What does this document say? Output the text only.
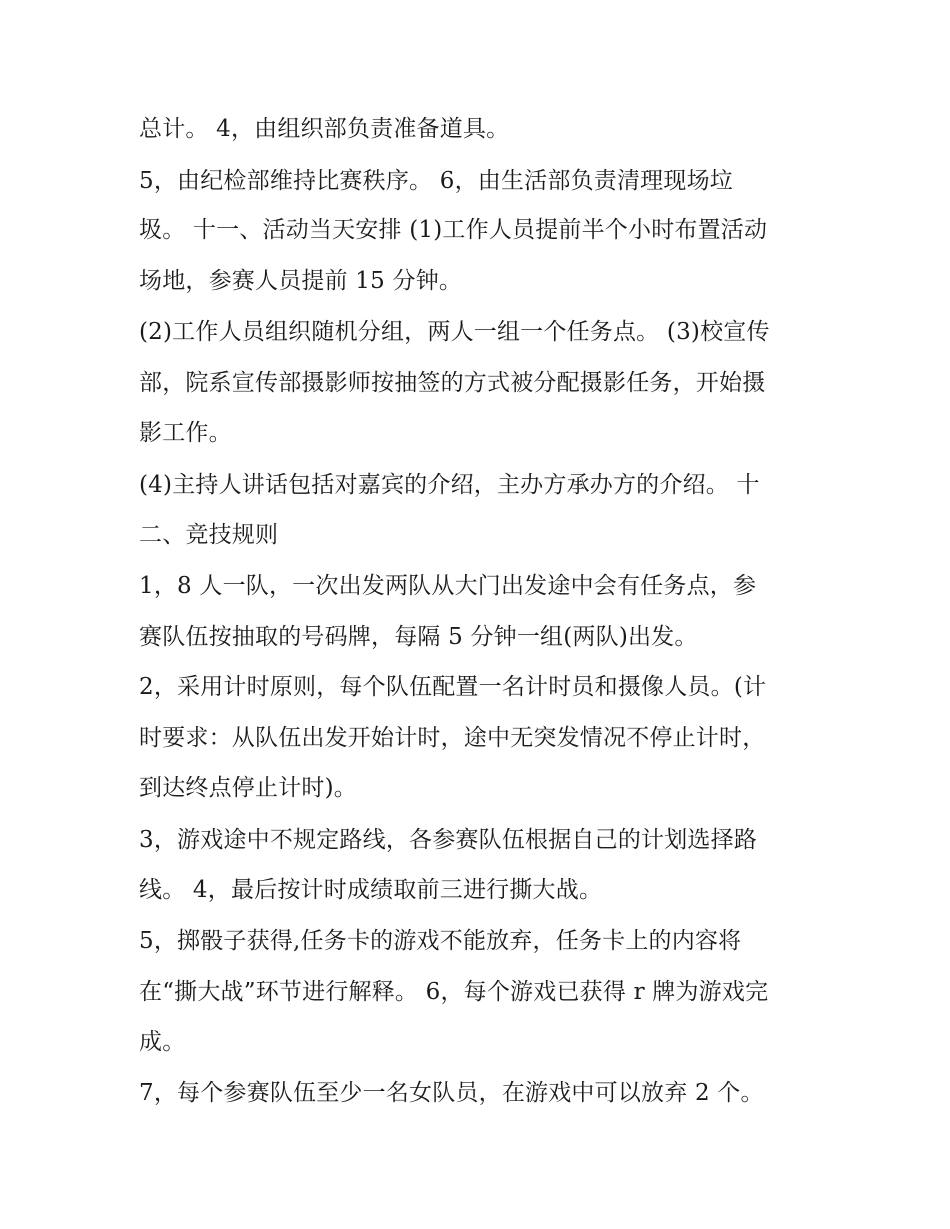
总计。 4，由组织部负责准备道具。
5，由纪检部维持比赛秩序。 6，由生活部负责清理现场垃
圾。 十一、活动当天安排 (1)工作人员提前半个小时布置活动
场地，参赛人员提前 15 分钟。
(2)工作人员组织随机分组，两人一组一个任务点。 (3)校宣传
部，院系宣传部摄影师按抽签的方式被分配摄影任务，开始摄
影工作。
(4)主持人讲话包括对嘉宾的介绍，主办方承办方的介绍。 十
二、竞技规则
1，8 人一队，一次出发两队从大门出发途中会有任务点，参
赛队伍按抽取的号码牌，每隔 5 分钟一组(两队)出发。
2，采用计时原则，每个队伍配置一名计时员和摄像人员。(计
时要求：从队伍出发开始计时，途中无突发情况不停止计时，
到达终点停止计时)。
3，游戏途中不规定路线，各参赛队伍根据自己的计划选择路
线。 4，最后按计时成绩取前三进行撕大战。
5，掷骰子获得,任务卡的游戏不能放弃，任务卡上的内容将
在“撕大战”环节进行解释。 6，每个游戏已获得 r 牌为游戏完
成。
7，每个参赛队伍至少一名女队员，在游戏中可以放弃 2 个。
